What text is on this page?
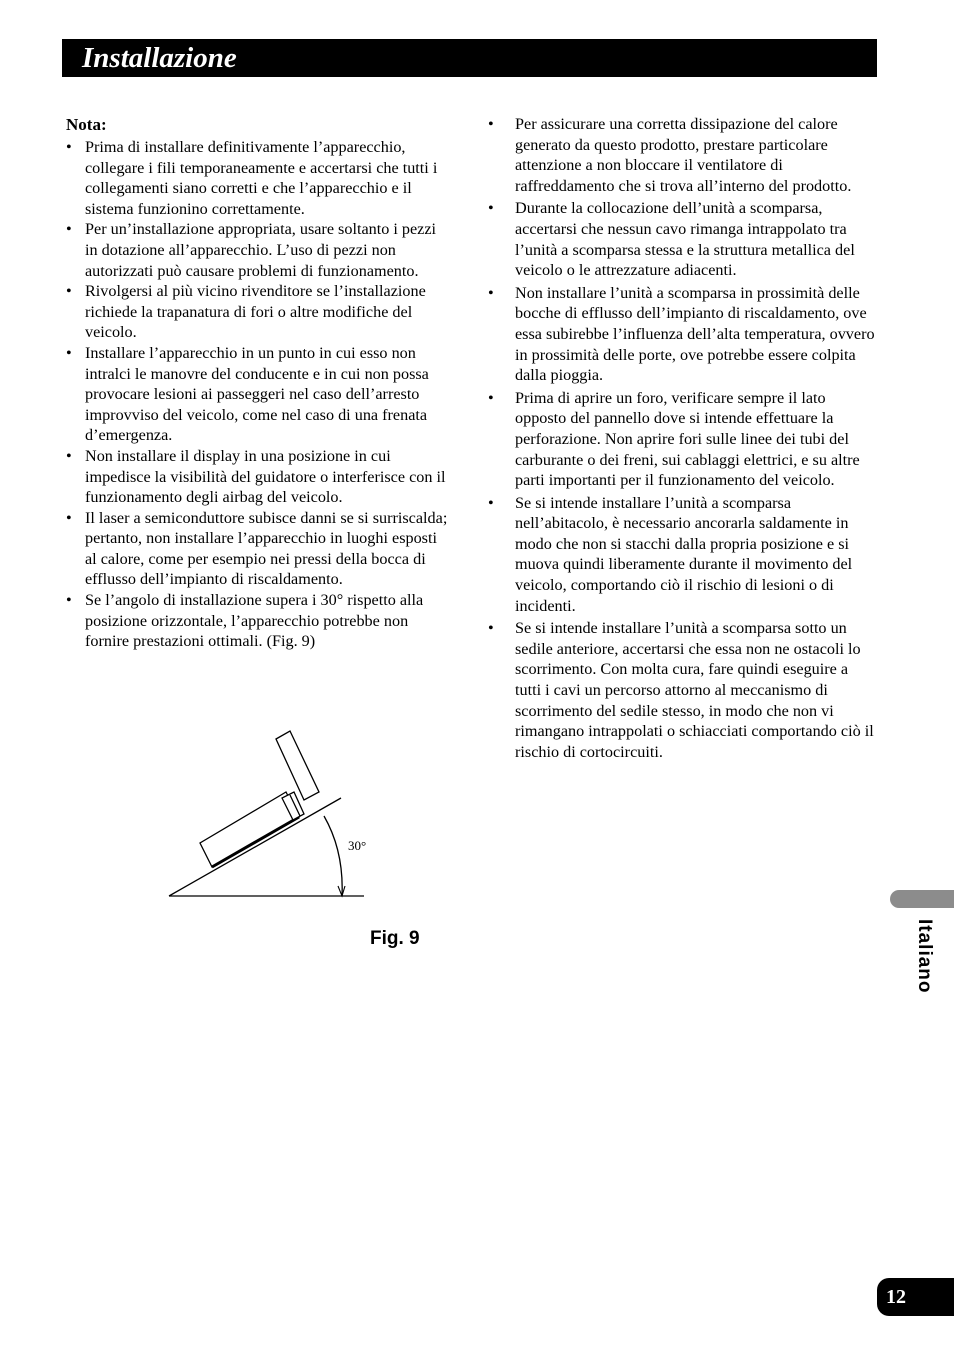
Installazione

Nota:

• Prima di installare definitivamente l’apparecchio, collegare i fili temporaneamente e accertarsi che tutti i collegamenti siano corretti e che l’apparecchio e il sistema funzionino correttamente.
• Per un’installazione appropriata, usare soltanto i pezzi in dotazione all’apparecchio. L’uso di pezzi non autorizzati può causare problemi di funzionamento.
• Rivolgersi al più vicino rivenditore se l’installazione richiede la trapanatura di fori o altre modifiche del veicolo.
• Installare l’apparecchio in un punto in cui esso non intralci le manovre del conducente e in cui non possa provocare lesioni ai passeggeri nel caso dell’arresto improvviso del veicolo, come nel caso di una frenata d’emergenza.
• Non installare il display in una posizione in cui impedisce la visibilità del guidatore o interferisce con il funzionamento degli airbag del veicolo.
• Il laser a semiconduttore subisce danni se si surriscalda; pertanto, non installare l’apparecchio in luoghi esposti al calore, come per esempio nei pressi della bocca di efflusso dell’impianto di riscaldamento.
• Se l’angolo di installazione supera i 30° rispetto alla posizione orizzontale, l’apparecchio potrebbe non fornire prestazioni ottimali. (Fig. 9)
• Per assicurare una corretta dissipazione del calore generato da questo prodotto, prestare particolare attenzione a non bloccare il ventilatore di raffreddamento che si trova all’interno del prodotto.
• Durante la collocazione dell’unità a scomparsa, accertarsi che nessun cavo rimanga intrappolato tra l’unità a scomparsa stessa e la struttura metallica del veicolo o le attrezzature adiacenti.
• Non installare l’unità a scomparsa in prossimità delle bocche di efflusso dell’impianto di riscaldamento, ove essa subirebbe l’influenza dell’alta temperatura, ovvero in prossimità delle porte, ove potrebbe essere colpita dalla pioggia.
• Prima di aprire un foro, verificare sempre il lato opposto del pannello dove si intende effettuare la perforazione. Non aprire fori sulle linee dei tubi del carburante o dei freni, sui cablaggi elettrici, e su altre parti importanti per il funzionamento del veicolo.
• Se si intende installare l’unità a scomparsa nell’abitacolo, è necessario ancorarla saldamente in modo che non si stacchi dalla propria posizione e si muova quindi liberamente durante il movimento del veicolo, comportando ciò il rischio di lesioni o di incidenti.
• Se si intende installare l’unità a scomparsa sotto un sedile anteriore, accertarsi che essa non ne ostacoli lo scorrimento. Con molta cura, fare quindi eseguire a tutti i cavi un percorso attorno al meccanismo di scorrimento del sedile stesso, in modo che non vi rimangano intrappolati o schiacciati comportando ciò il rischio di cortocircuiti.
30°
Fig. 9	Italiano
12
